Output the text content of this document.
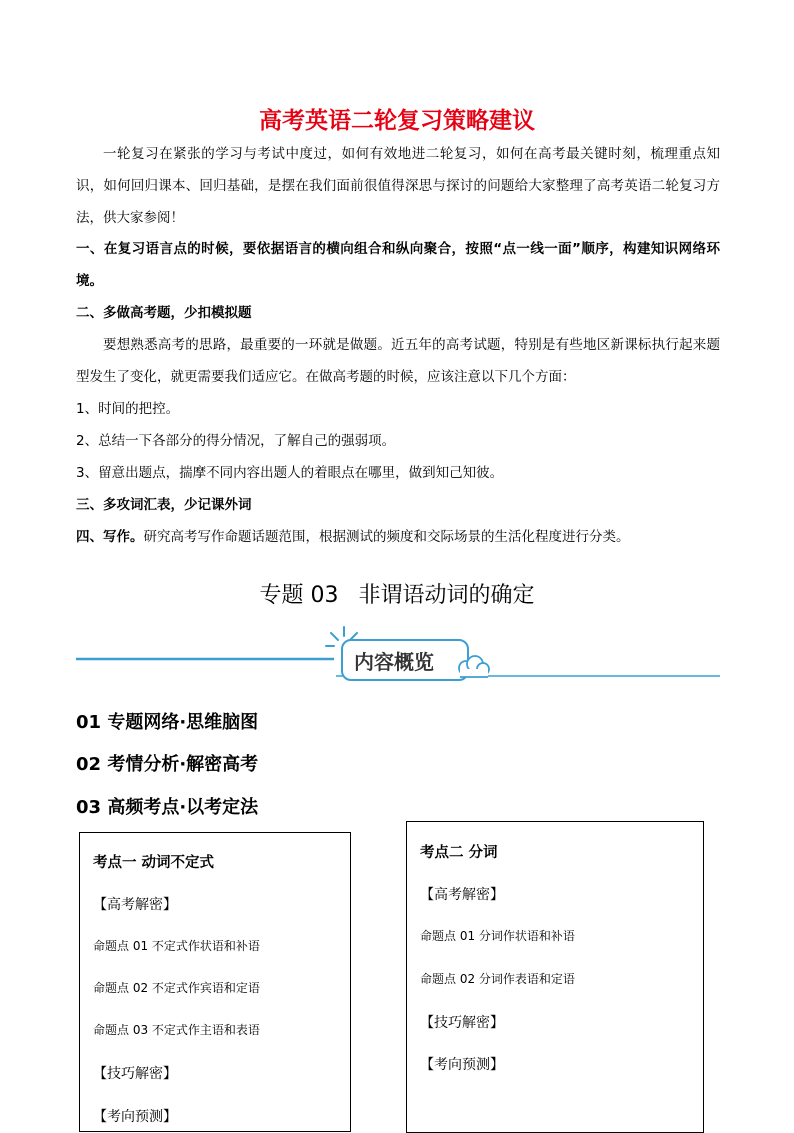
高考英语二轮复习策略建议
一轮复习在紧张的学习与考试中度过，如何有效地进二轮复习，如何在高考最关键时刻，梳理重点知识，如何回归课本、回归基础，是摆在我们面前很值得深思与探讨的问题给大家整理了高考英语二轮复习方法，供大家参阅！
一、在复习语言点的时候，要依据语言的横向组合和纵向聚合，按照“点一线一面”顺序，构建知识网络环境。
二、多做高考题，少扣模拟题
要想熟悉高考的思路，最重要的一环就是做题。近五年的高考试题，特别是有些地区新课标执行起来题型发生了变化，就更需要我们适应它。在做高考题的时候，应该注意以下几个方面：
1、时间的把控。
2、总结一下各部分的得分情况，了解自己的强弱项。
3、留意出题点，揣摩不同内容出题人的着眼点在哪里，做到知己知彼。
三、多攻词汇表，少记课外词
四、写作。研究高考写作命题话题范围，根据测试的频度和交际场景的生活化程度进行分类。
专题 03 非谓语动词的确定
内容概览
01 专题网络·思维脑图
02 考情分析·解密高考
03 高频考点·以考定法
考点一 动词不定式
【高考解密】
命题点 01 不定式作状语和补语
命题点 02 不定式作宾语和定语
命题点 03 不定式作主语和表语
【技巧解密】
【考向预测】
考点二 分词
【高考解密】
命题点 01 分词作状语和补语
命题点 02 分词作表语和定语
【技巧解密】
【考向预测】
